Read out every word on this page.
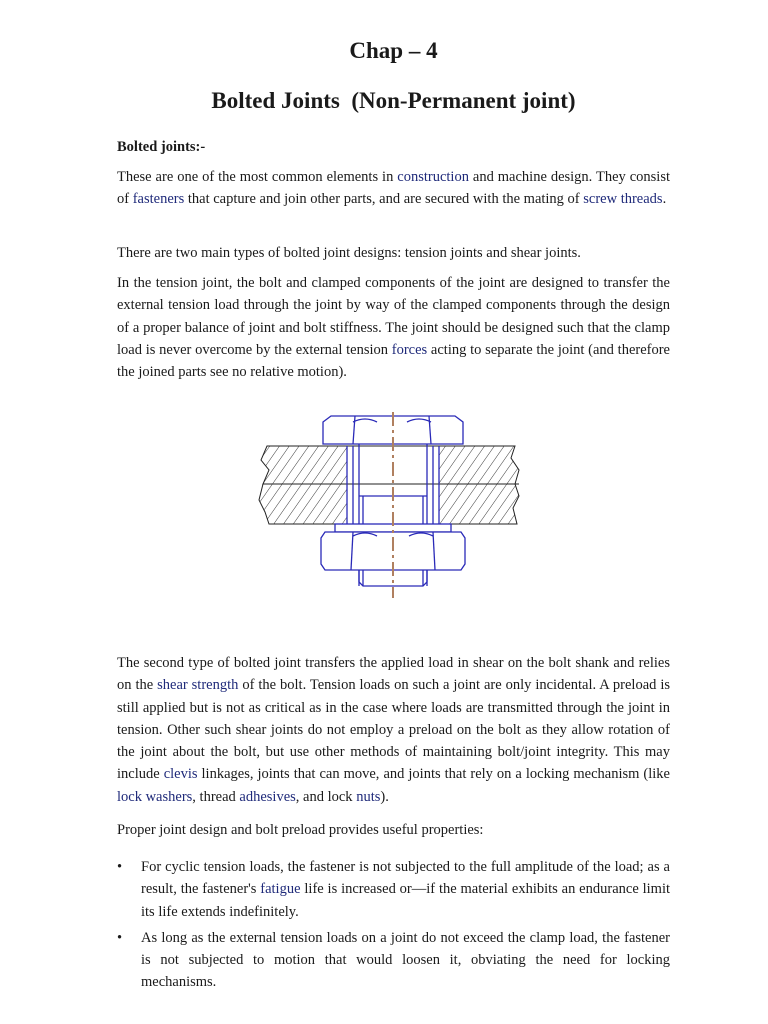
Chap – 4
Bolted Joints  (Non-Permanent joint)
Bolted joints:-

These are one of the most common elements in construction and machine design. They consist of fasteners that capture and join other parts, and are secured with the mating of screw threads.

There are two main types of bolted joint designs: tension joints and shear joints.

In the tension joint, the bolt and clamped components of the joint are designed to transfer the external tension load through the joint by way of the clamped components through the design of a proper balance of joint and bolt stiffness. The joint should be designed such that the clamp load is never overcome by the external tension forces acting to separate the joint (and therefore the joined parts see no relative motion).

The second type of bolted joint transfers the applied load in shear on the bolt shank and relies on the shear strength of the bolt. Tension loads on such a joint are only incidental. A preload is still applied but is not as critical as in the case where loads are transmitted through the joint in tension. Other such shear joints do not employ a preload on the bolt as they allow rotation of the joint about the bolt, but use other methods of maintaining bolt/joint integrity. This may include clevis linkages, joints that can move, and joints that rely on a locking mechanism (like lock washers, thread adhesives, and lock nuts).

Proper joint design and bolt preload provides useful properties:

•	For cyclic tension loads, the fastener is not subjected to the full amplitude of the load; as a result, the fastener's fatigue life is increased or—if the material exhibits an endurance limit its life extends indefinitely.
•	As long as the external tension loads on a joint do not exceed the clamp load, the fastener is not subjected to motion that would loosen it, obviating the need for locking mechanisms.
